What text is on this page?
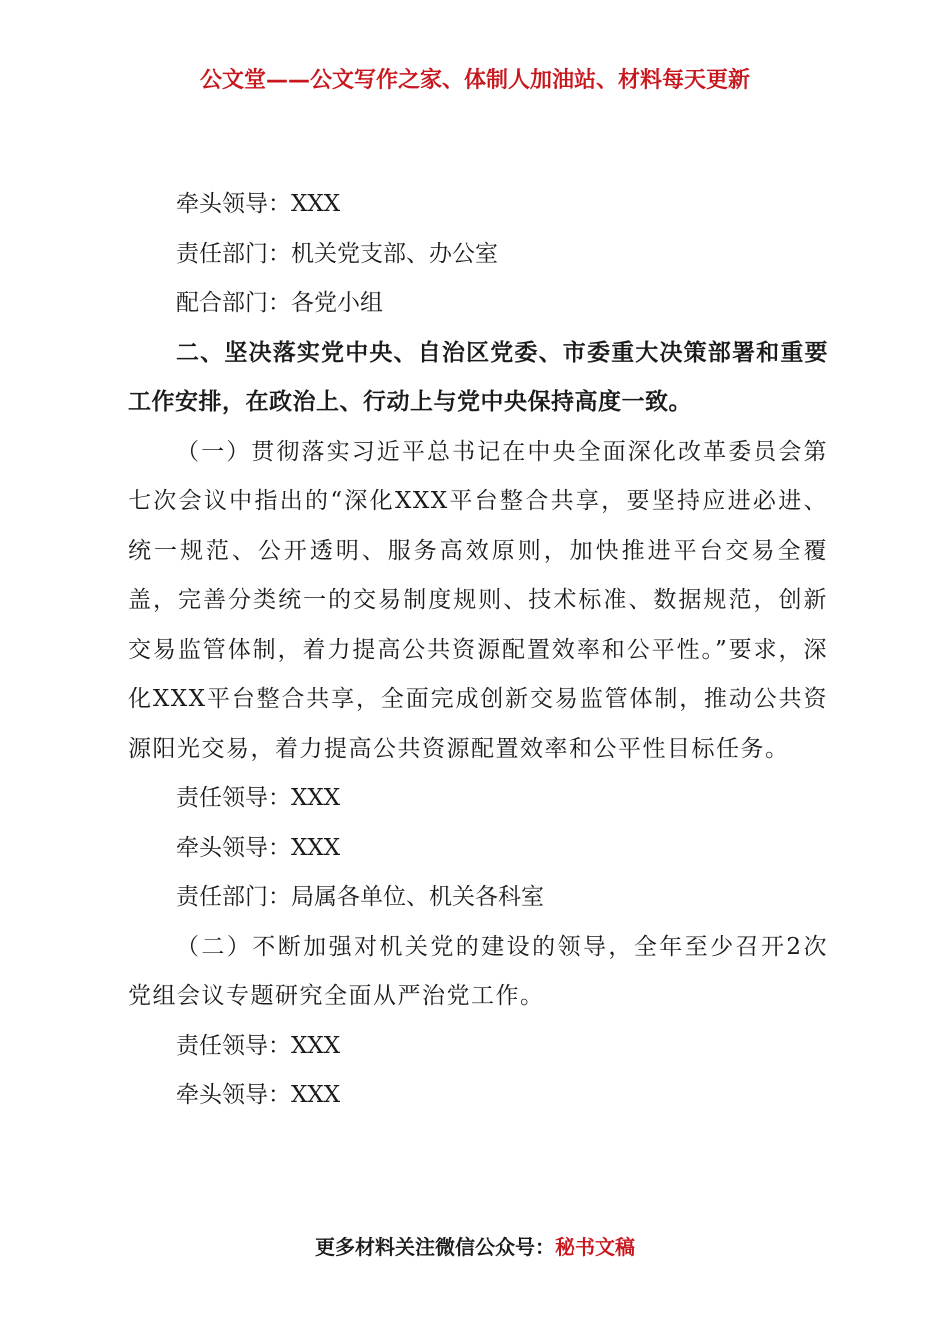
公文堂——公文写作之家、体制人加油站、材料每天更新

牵头领导：XXX

责任部门：机关党支部、办公室

配合部门：各党小组

二、坚决落实党中央、自治区党委、市委重大决策部署和重要工作安排，在政治上、行动上与党中央保持高度一致。

（一）贯彻落实习近平总书记在中央全面深化改革委员会第七次会议中指出的“深化XXX平台整合共享，要坚持应进必进、统一规范、公开透明、服务高效原则，加快推进平台交易全覆盖，完善分类统一的交易制度规则、技术标准、数据规范，创新交易监管体制，着力提高公共资源配置效率和公平性。”要求，深化XXX平台整合共享，全面完成创新交易监管体制，推动公共资源阳光交易，着力提高公共资源配置效率和公平性目标任务。

责任领导：XXX

牵头领导：XXX

责任部门：局属各单位、机关各科室

（二）不断加强对机关党的建设的领导，全年至少召开2次党组会议专题研究全面从严治党工作。

责任领导：XXX

牵头领导：XXX

更多材料关注微信公众号：秘书文稿
